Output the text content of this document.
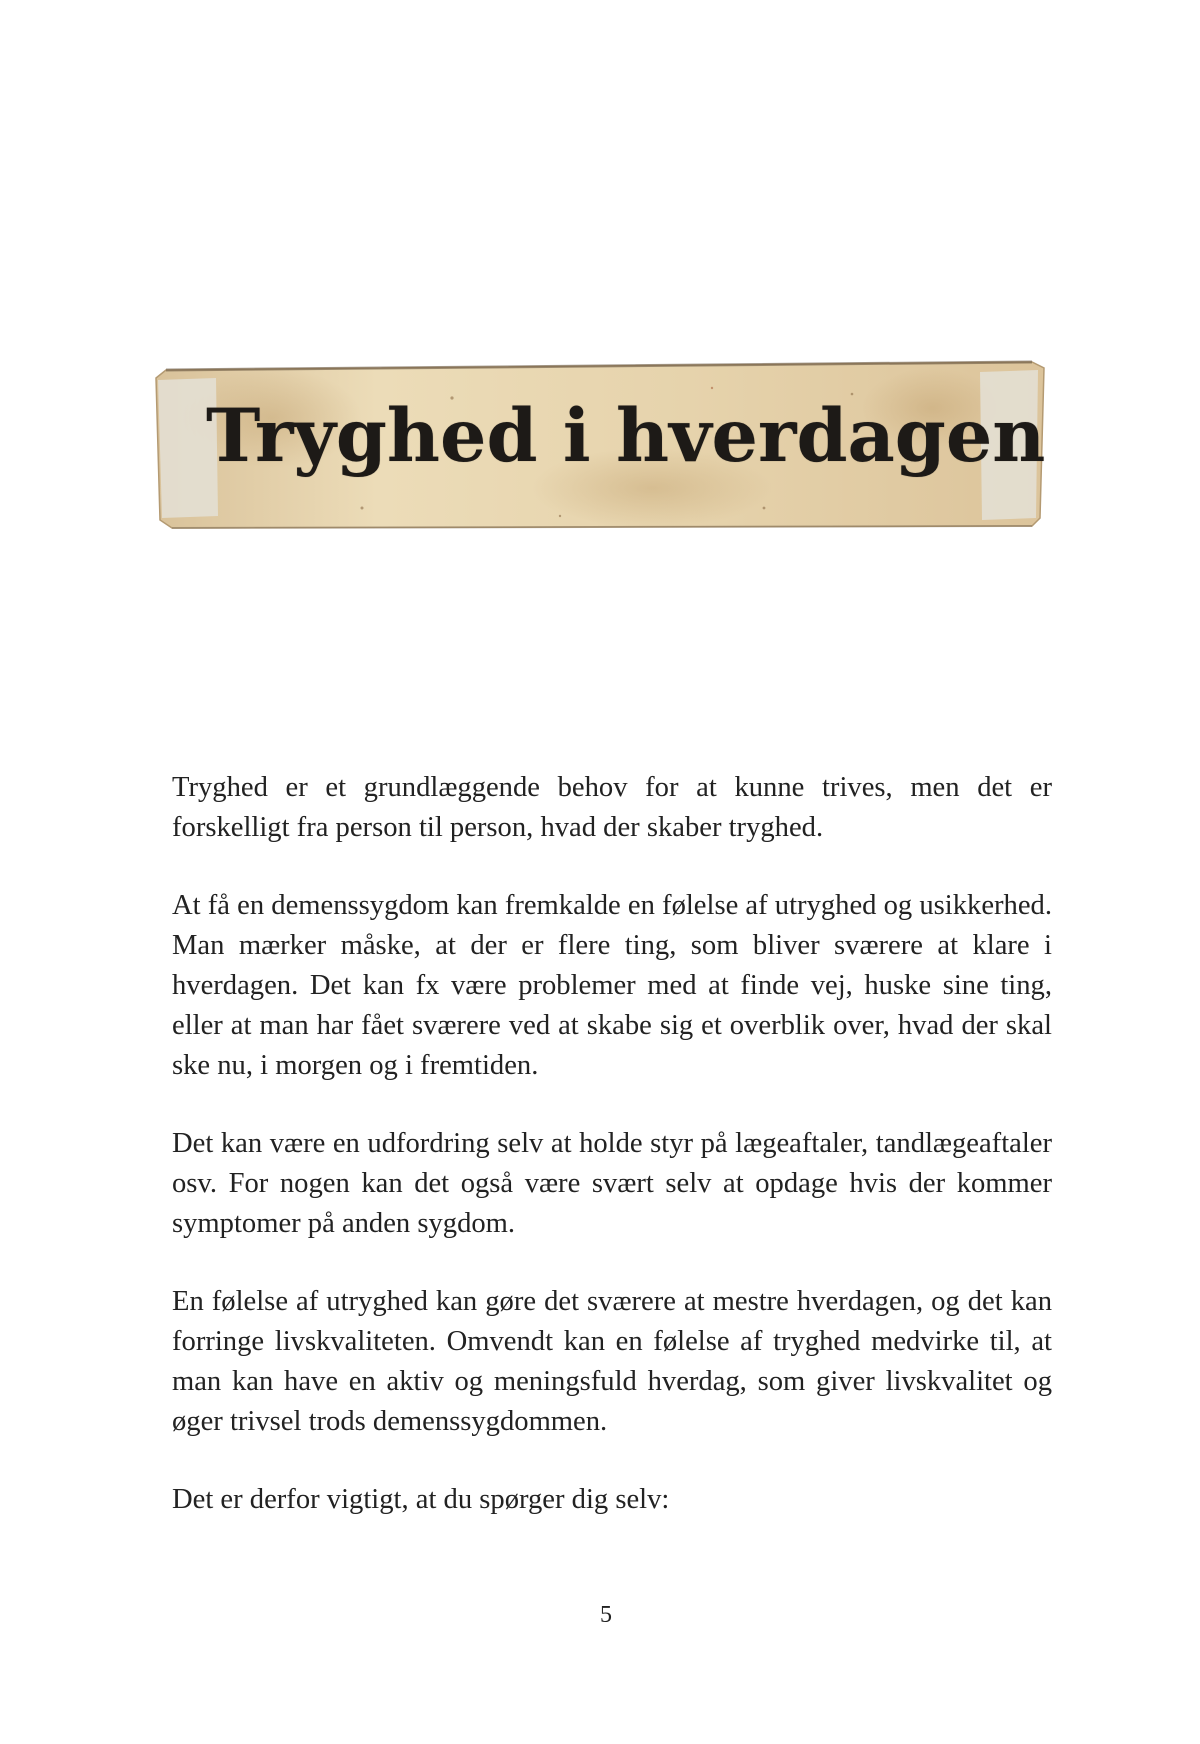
Tryghed i hverdagen

Tryghed er et grundlæggende behov for at kunne trives, men det er forskelligt fra person til person, hvad der skaber tryghed.

At få en demenssygdom kan fremkalde en følelse af utryghed og usikkerhed. Man mærker måske, at der er flere ting, som bliver sværere at klare i hverdagen. Det kan fx være problemer med at finde vej, huske sine ting, eller at man har fået sværere ved at skabe sig et overblik over, hvad der skal ske nu, i morgen og i fremtiden.

Det kan være en udfordring selv at holde styr på lægeaftaler, tandlægeaftaler osv. For nogen kan det også være svært selv at opdage hvis der kommer symptomer på anden sygdom.

En følelse af utryghed kan gøre det sværere at mestre hverdagen, og det kan forringe livskvaliteten. Omvendt kan en følelse af tryghed medvirke til, at man kan have en aktiv og meningsfuld hverdag, som giver livskvalitet og øger trivsel trods demenssygdommen.

Det er derfor vigtigt, at du spørger dig selv:

5
